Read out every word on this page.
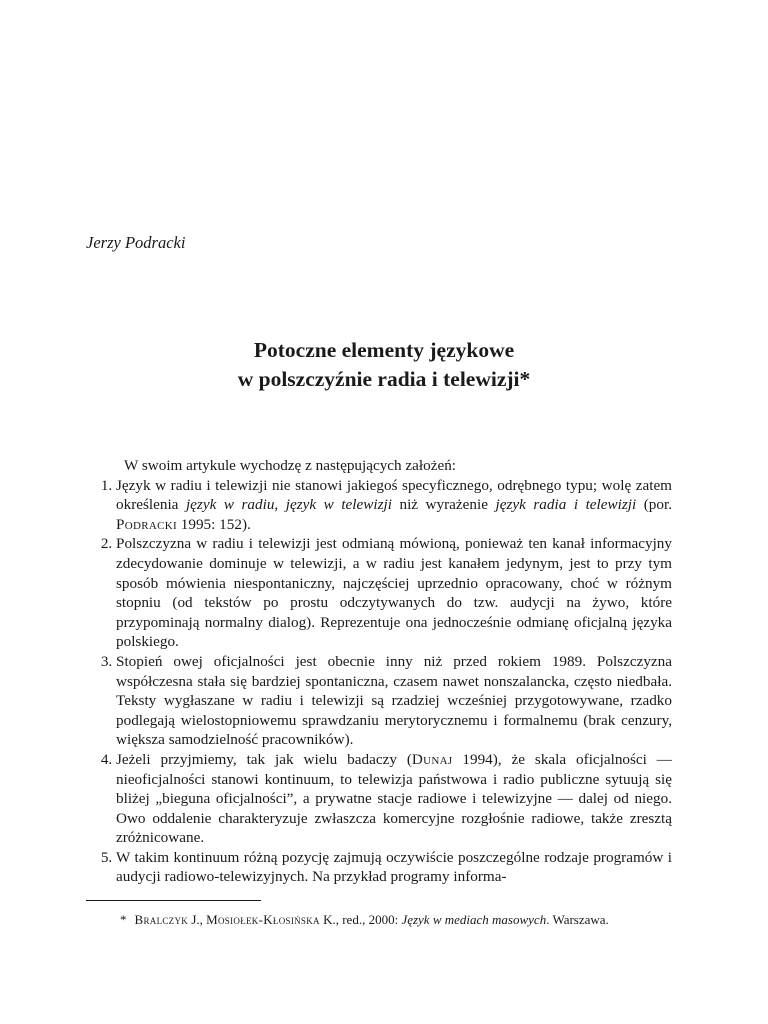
Jerzy Podracki
Potoczne elementy językowe
w polszczyźnie radia i telewizji*

W swoim artykule wychodzę z następujących założeń:

1. Język w radiu i telewizji nie stanowi jakiegoś specyficznego, odrębnego typu; wolę zatem określenia język w radiu, język w telewizji niż wyrażenie język radia i telewizji (por. Podracki 1995: 152).
2. Polszczyzna w radiu i telewizji jest odmianą mówioną, ponieważ ten kanał informacyjny zdecydowanie dominuje w telewizji, a w radiu jest kanałem jedynym, jest to przy tym sposób mówienia niespontaniczny, najczęściej uprzednio opracowany, choć w różnym stopniu (od tekstów po prostu odczytywanych do tzw. audycji na żywo, które przypominają normalny dialog). Reprezentuje ona jednocześnie odmianę oficjalną języka polskiego.
3. Stopień owej oficjalności jest obecnie inny niż przed rokiem 1989. Polszczyzna współczesna stała się bardziej spontaniczna, czasem nawet nonszalancka, często niedbała. Teksty wygłaszane w radiu i telewizji są rzadziej wcześniej przygotowywane, rzadko podlegają wielostopniowemu sprawdzaniu merytorycznemu i formalnemu (brak cenzury, większa samodzielność pracowników).
4. Jeżeli przyjmiemy, tak jak wielu badaczy (Dunaj 1994), że skala oficjalności — nieoficjalności stanowi kontinuum, to telewizja państwowa i radio publiczne sytuują się bliżej „bieguna oficjalności”, a prywatne stacje radiowe i telewizyjne — dalej od niego. Owo oddalenie charakteryzuje zwłaszcza komercyjne rozgłośnie radiowe, także zresztą zróżnicowane.
5. W takim kontinuum różną pozycję zajmują oczywiście poszczególne rodzaje programów i audycji radiowo-telewizyjnych. Na przykład programy informa-
* Bralczyk J., Mosiołek-Kłosińska K., red., 2000: Język w mediach masowych. Warszawa.
